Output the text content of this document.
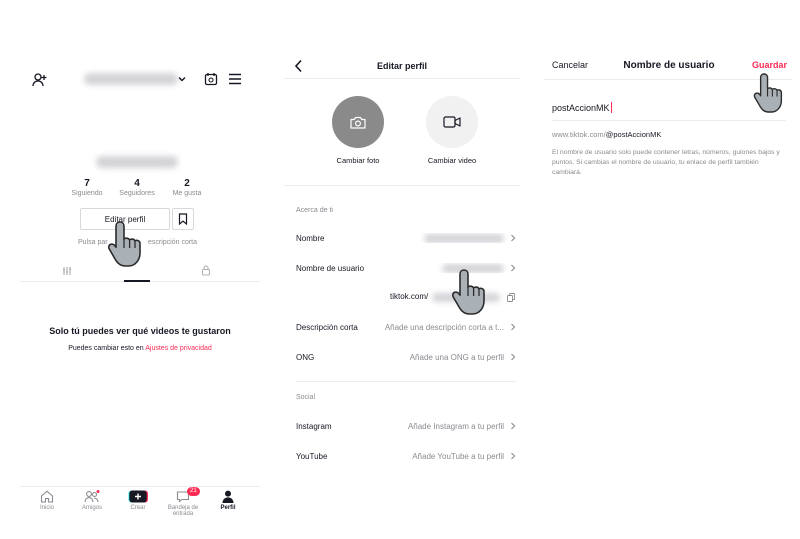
7
Siguiendo
4
Seguidores
2
Me gusta
Editar perfil
Pulsa par	escripción corta
Solo tú puedes ver qué videos te gustaron
Puedes cambiar esto en Ajustes de privacidad
Inicio	Amigos	Crear
21
Bandeja de entrada
Perfil
Editar perfil
Cambiar foto	Cambiar video
Acerca de ti
Nombre
Nombre de usuario
tiktok.com/
Descripción corta	Añade una descripción corta a t...
ONG	Añade una ONG a tu perfil
Social
Instagram	Añade Instagram a tu perfil
YouTube	Añade YouTube a tu perfil
Cancelar	Nombre de usuario	Guardar
postAccionMK
www.tiktok.com/@postAccionMK
El nombre de usuario solo puede contener letras, números, guiones bajos y puntos. Si cambias el nombre de usuario, tu enlace de perfil también cambiará.
